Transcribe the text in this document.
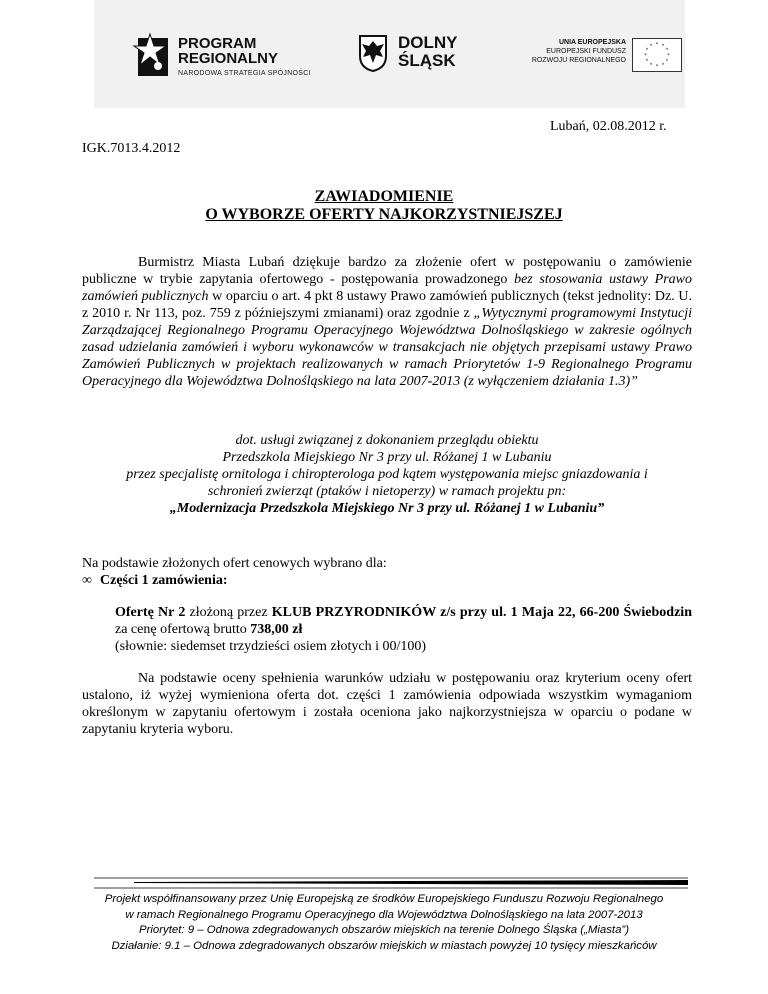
PROGRAM
REGIONALNY
NARODOWA STRATEGIA SPÓJNOŚCI
DOLNY
ŚLĄSK
UNIA EUROPEJSKA
EUROPEJSKI FUNDUSZ
ROZWOJU REGIONALNEGO
* *
*
*
*
*
*
*
*
*
*
*
Lubań, 02.08.2012 r.
IGK.7013.4.2012
ZAWIADOMIENIE
O WYBORZE OFERTY NAJKORZYSTNIEJSZEJ
Burmistrz Miasta Lubań dziękuje bardzo za złożenie ofert w postępowaniu o zamówienie publiczne w trybie zapytania ofertowego - postępowania prowadzonego bez stosowania ustawy Prawo zamówień publicznych w oparciu o art. 4 pkt 8 ustawy Prawo zamówień publicznych (tekst jednolity: Dz. U. z 2010 r. Nr 113, poz. 759 z późniejszymi zmianami) oraz zgodnie z „Wytycznymi programowymi Instytucji Zarządzającej Regionalnego Programu Operacyjnego Województwa Dolnośląskiego w zakresie ogólnych zasad udzielania zamówień i wyboru wykonawców w transakcjach nie objętych przepisami ustawy Prawo Zamówień Publicznych w projektach realizowanych w ramach Priorytetów 1-9 Regionalnego Programu Operacyjnego dla Województwa Dolnośląskiego na lata 2007-2013 (z wyłączeniem działania 1.3)”
dot. usługi związanej z dokonaniem przeglądu obiektu
Przedszkola Miejskiego Nr 3 przy ul. Różanej 1 w Lubaniu
przez specjalistę ornitologa i chiropterologa pod kątem występowania miejsc gniazdowania i
schronień zwierząt (ptaków i nietoperzy) w ramach projektu pn:
„Modernizacja Przedszkola Miejskiego Nr 3 przy ul. Różanej 1 w Lubaniu”
Na podstawie złożonych ofert cenowych wybrano dla:
∞ Części 1 zamówienia:
Ofertę Nr 2 złożoną przez KLUB PRZYRODNIKÓW z/s przy ul. 1 Maja 22, 66-200 Świebodzin za cenę ofertową brutto 738,00 zł
(słownie: siedemset trzydzieści osiem złotych i 00/100)
Na podstawie oceny spełnienia warunków udziału w postępowaniu oraz kryterium oceny ofert ustalono, iż wyżej wymieniona oferta dot. części 1 zamówienia odpowiada wszystkim wymaganiom określonym w zapytaniu ofertowym i została oceniona jako najkorzystniejsza w oparciu o podane w zapytaniu kryteria wyboru.
Projekt współfinansowany przez Unię Europejską ze środków Europejskiego Funduszu Rozwoju Regionalnego
w ramach Regionalnego Programu Operacyjnego dla Województwa Dolnośląskiego na lata 2007-2013
Priorytet: 9 – Odnowa zdegradowanych obszarów miejskich na terenie Dolnego Śląska („Miasta”)
Działanie: 9.1 – Odnowa zdegradowanych obszarów miejskich w miastach powyżej 10 tysięcy mieszkańców
